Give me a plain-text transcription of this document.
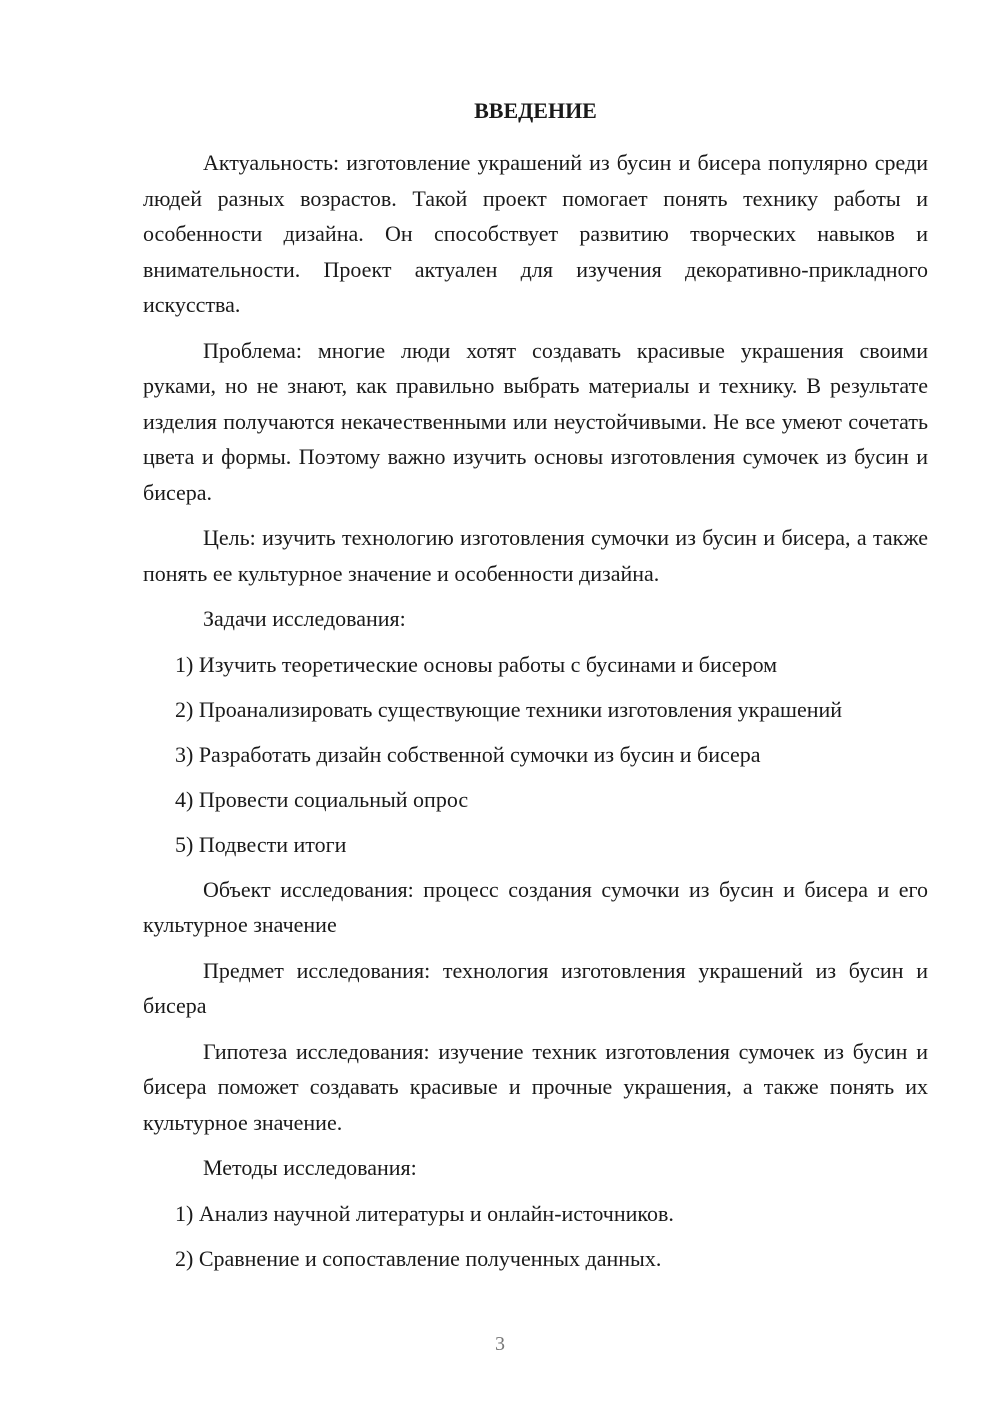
ВВЕДЕНИЕ

Актуальность: изготовление украшений из бусин и бисера популярно среди людей разных возрастов. Такой проект помогает понять технику работы и особенности дизайна. Он способствует развитию творческих навыков и внимательности. Проект актуален для изучения декоративно-прикладного искусства.

Проблема: многие люди хотят создавать красивые украшения своими руками, но не знают, как правильно выбрать материалы и технику. В результате изделия получаются некачественными или неустойчивыми. Не все умеют сочетать цвета и формы. Поэтому важно изучить основы изготовления сумочек из бусин и бисера.

Цель: изучить технологию изготовления сумочки из бусин и бисера, а также понять ее культурное значение и особенности дизайна.

Задачи исследования:

1) Изучить теоретические основы работы с бусинами и бисером

2) Проанализировать существующие техники изготовления украшений

3) Разработать дизайн собственной сумочки из бусин и бисера

4) Провести социальный опрос

5) Подвести итоги

Объект исследования: процесс создания сумочки из бусин и бисера и его культурное значение

Предмет исследования: технология изготовления украшений из бусин и бисера

Гипотеза исследования: изучение техник изготовления сумочек из бусин и бисера поможет создавать красивые и прочные украшения, а также понять их культурное значение.

Методы исследования:

1) Анализ научной литературы и онлайн-источников.

2) Сравнение и сопоставление полученных данных.

3
